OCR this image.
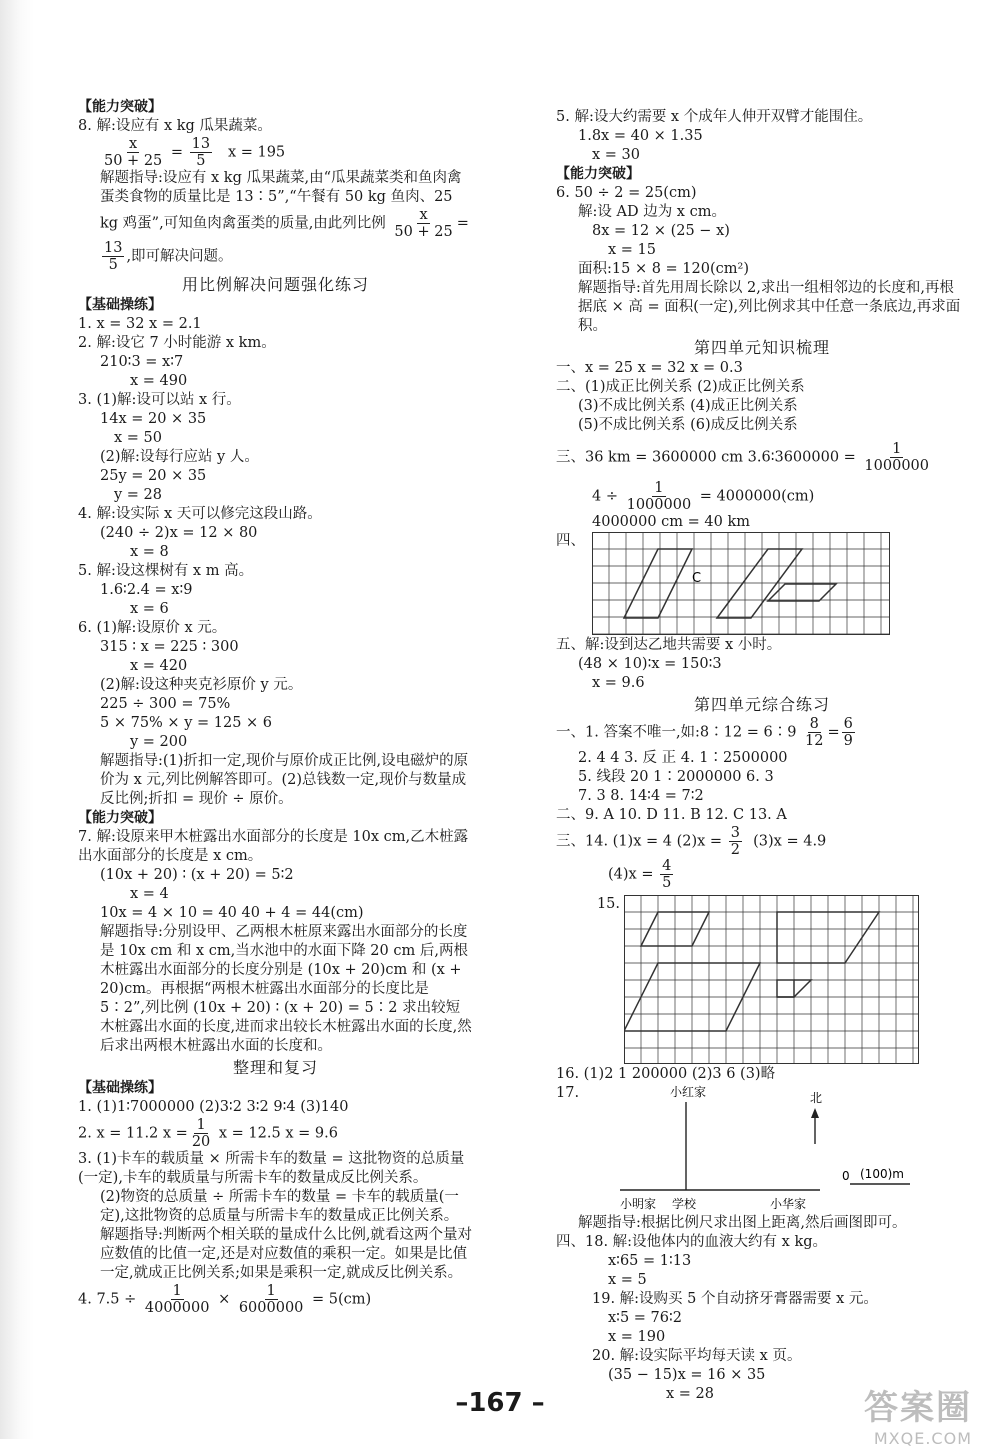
【能力突破】
8. 解:设应有 x kg 瓜果蔬菜。
$\frac{x}{50 + 25} = \frac{13}{5}$ x = 195
解题指导:设应有 x kg 瓜果蔬菜,由“瓜果蔬菜类和鱼肉禽蛋类食物的质量比是 13∶5”,“午餐有 50 kg 鱼肉、25 kg 鸡蛋”,可知鱼肉禽蛋类的质量,由此列比例 $\frac{x}{50 + 25}$ =
$\frac{13}{5}$ ,即可解决问题。
用比例解决问题强化练习
【基础操练】
1. x = 32 x = 2.1
2. 解:设它 7 小时能游 x km。
210∶3 = x∶7
x = 490
3. (1)解:设可以站 x 行。
14x = 20 × 35
x = 50
(2)解:设每行应站 y 人。
25y = 20 × 35
y = 28
4. 解:设实际 x 天可以修完这段山路。
(240 ÷ 2)x = 12 × 80
x = 8
5. 解:设这棵树有 x m 高。
1.6∶2.4 = x∶9
x = 6
6. (1)解:设原价 x 元。
315 ∶ x = 225 ∶ 300
x = 420
(2)解:设这种夹克衫原价 y 元。
225 ÷ 300 = 75%
5 × 75% × y = 125 × 6
y = 200
解题指导:(1)折扣一定,现价与原价成正比例,设电磁炉的原价为 x 元,列比例解答即可。(2)总钱数一定,现价与数量成反比例;折扣 = 现价 ÷ 原价。
【能力突破】
7. 解:设原来甲木桩露出水面部分的长度是 10x cm,乙木桩露出水面部分的长度是 x cm。
(10x + 20) ∶ (x + 20) = 5∶2
x = 4
10x = 4 × 10 = 40 40 + 4 = 44(cm)
解题指导:分别设甲、乙两根木桩原来露出水面部分的长度是 10x cm 和 x cm,当水池中的水面下降 20 cm 后,两根木桩露出水面部分的长度分别是 (10x + 20)cm 和 (x + 20)cm。再根据“两根木桩露出水面部分的长度比是 5∶2”,列比例 (10x + 20) ∶ (x + 20) = 5∶2 求出较短木桩露出水面的长度,进而求出较长木桩露出水面的长度,然后求出两根木桩露出水面的长度和。
整理和复习
【基础操练】
1. (1)1∶7000000 (2)3∶2 3∶2 9∶4 (3)140
2. x = 11.2 $x = \frac{1}{20}$ x = 12.5 x = 9.6
3. (1)卡车的载质量 × 所需卡车的数量 = 这批物资的总质量(一定),卡车的载质量与所需卡车的数量成反比例关系。
(2)物资的总质量 ÷ 所需卡车的数量 = 卡车的载质量(一定),这批物资的总质量与所需卡车的数量成正比例关系。
解题指导:判断两个相关联的量成什么比例,就看这两个量对应数值的比值一定,还是对应数值的乘积一定。如果是比值一定,就成正比例关系;如果是乘积一定,就成反比例关系。
4. $7.5 \div \frac{1}{4000000} \times \frac{1}{6000000} = 5(cm)$
5. 解:设大约需要 x 个成年人伸开双臂才能围住。
1.8x = 40 × 1.35
x = 30
【能力突破】
6. 50 ÷ 2 = 25(cm)
解:设 AD 边为 x cm。
8x = 12 × (25 − x)
x = 15
面积:15 × 8 = 120(cm²)
解题指导:首先用周长除以 2,求出一组相邻边的长度和,再根据底 × 高 = 面积(一定),列比例求其中任意一条底边,再求面积。
第四单元知识梳理
一、x = 25 x = 32 x = 0.3
二、(1)成正比例关系 (2)成正比例关系
(3)不成比例关系 (4)成正比例关系
(5)不成比例关系 (6)成反比例关系
三、36 km = 3600000 cm 3.6∶3600000 = $\frac{1}{1000000}$
$4 \div \frac{1}{1000000} = 4000000(cm)$
4000000 cm = 40 km
四、
C
五、解:设到达乙地共需要 x 小时。
(48 × 10)∶x = 150∶3
x = 9.6
第四单元综合练习
一、1. 答案不唯一,如:8∶12 = 6∶9 $\frac{8}{12} = \frac{6}{9}$
2. 4 4 3. 反 正 4. 1∶2500000
5. 线段 20 1∶2000000 6. 3
7. 3 8. 14∶4 = 7∶2
二、9. A 10. D 11. B 12. C 13. A
三、14. (1)x = 4 $(2)x = \frac{3}{2} (3)x = 4.9$
$(4)x = \frac{4}{5}$
15.
16. (1)2 1 200000 (2)3 6 (3)略
17.	小红家	北
小明家 学校	小华家
0 (100)m
解题指导:根据比例尺求出图上距离,然后画图即可。
四、18. 解:设他体内的血液大约有 x kg。
x∶65 = 1∶13
x = 5
19. 解:设购买 5 个自动挤牙膏器需要 x 元。
x∶5 = 76∶2
x = 190
20. 解:设实际平均每天读 x 页。
(35 − 15)x = 16 × 35
x = 28
–167 –	答案圈
MXQE.COM
